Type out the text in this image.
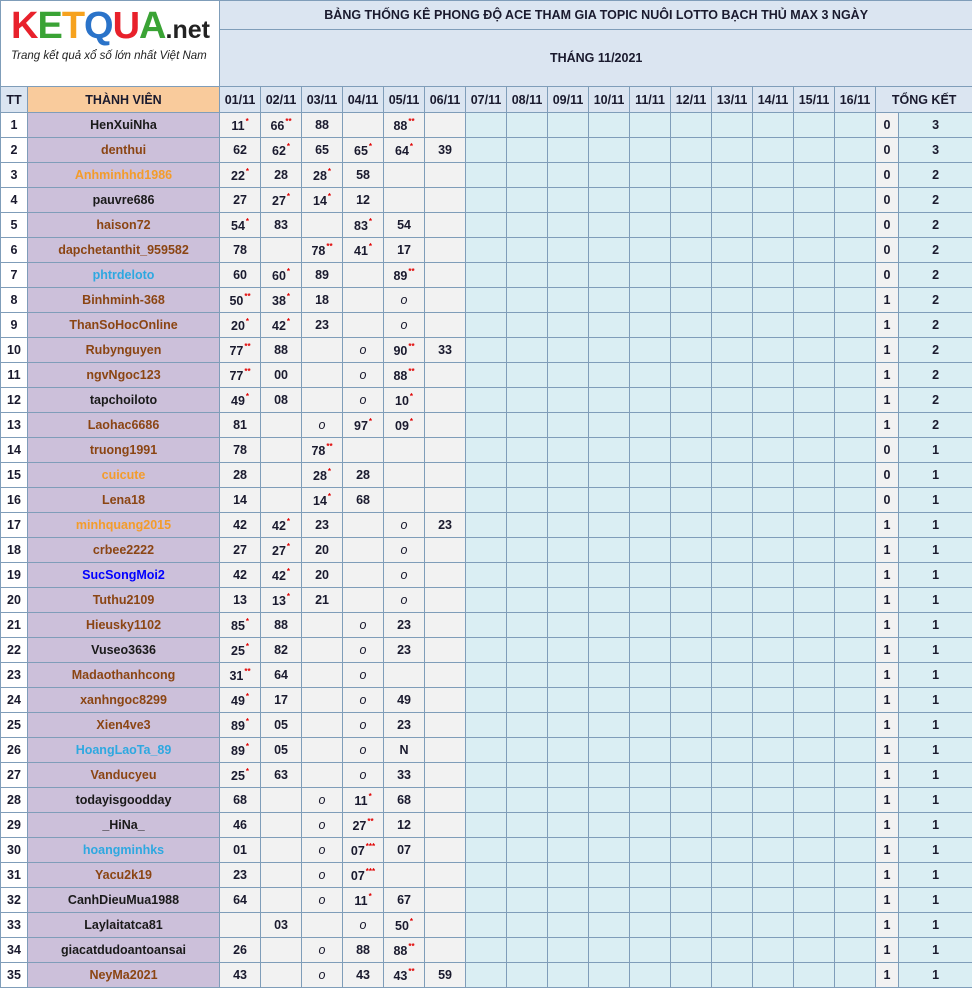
KETQUA.net
Trang kết quả xổ số lớn nhất Việt Nam		BẢNG THỐNG KÊ PHONG ĐỘ ACE THAM GIA TOPIC NUÔI LOTTO BẠCH THỦ MAX 3 NGÀY																	
		THÁNG 11/2021																	
TT	THÀNH VIÊN	01/11	02/11	03/11	04/11	05/11	06/11	07/11	08/11	09/11	10/11	11/11	12/11	13/11	14/11	15/11	16/11	TỔNG KẾT	
1	HenXuiNha	11*	66**	88		88**												0	3
2	denthui	62	62*	65	65*	64*	39											0	3
3	Anhminhhd1986	22*	28	28*	58													0	2
4	pauvre686	27	27*	14*	12													0	2
5	haison72	54*	83		83*	54												0	2
6	dapchetanthit_959582	78		78**	41*	17												0	2
7	phtrdeloto	60	60*	89		89**												0	2
8	Binhminh-368	50**	38*	18		o												1	2
9	ThanSoHocOnline	20*	42*	23		o												1	2
10	Rubynguyen	77**	88		o	90**	33											1	2
11	ngvNgoc123	77**	00		o	88**												1	2
12	tapchoiloto	49*	08		o	10*												1	2
13	Laohac6686	81		o	97*	09*												1	2
14	truong1991	78		78**														0	1
15	cuicute	28		28*	28													0	1
16	Lena18	14		14*	68													0	1
17	minhquang2015	42	42*	23		o	23											1	1
18	crbee2222	27	27*	20		o												1	1
19	SucSongMoi2	42	42*	20		o												1	1
20	Tuthu2109	13	13*	21		o												1	1
21	Hieusky1102	85*	88		o	23												1	1
22	Vuseo3636	25*	82		o	23												1	1
23	Madaothanhcong	31**	64		o													1	1
24	xanhngoc8299	49*	17		o	49												1	1
25	Xien4ve3	89*	05		o	23												1	1
26	HoangLaoTa_89	89*	05		o	N												1	1
27	Vanducyeu	25*	63		o	33												1	1
28	todayisgoodday	68		o	11*	68												1	1
29	_HiNa_	46		o	27**	12												1	1
30	hoangminhks	01		o	07***	07												1	1
31	Yacu2k19	23		o	07***													1	1
32	CanhDieuMua1988	64		o	11*	67												1	1
33	Laylaitatca81		03		o	50*												1	1
34	giacatdudoantoansai	26		o	88	88**												1	1
35	NeyMa2021	43		o	43	43**	59											1	1
